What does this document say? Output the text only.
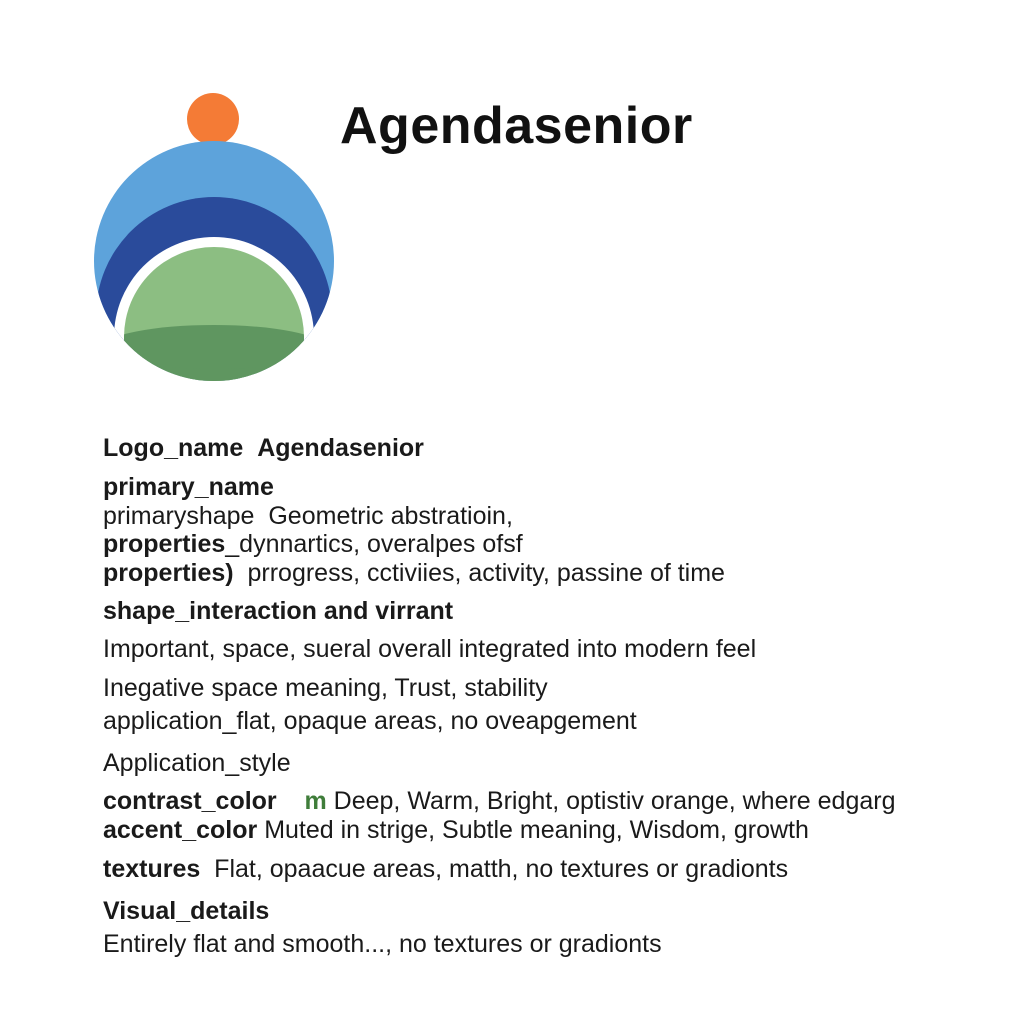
Agendasenior
Logo_name Agendasenior
primary_name
primaryshape Geometric abstratioin,
properties_dynnartics, overalpes ofsf
properties) prrogress, cctiviies, activity, passine of time
shape_interaction and virrant
Important, space, sueral overall integrated into modern feel
Inegative space meaning, Trust, stability
application_flat, opaque areas, no oveapgement
Application_style
contrast_color m Deep, Warm, Bright, optistiv orange, where edgarg
accent_color Muted in strige, Subtle meaning, Wisdom, growth
textures Flat, opaacue areas, matth, no textures or gradionts
Visual_details
Entirely flat and smooth..., no textures or gradionts
